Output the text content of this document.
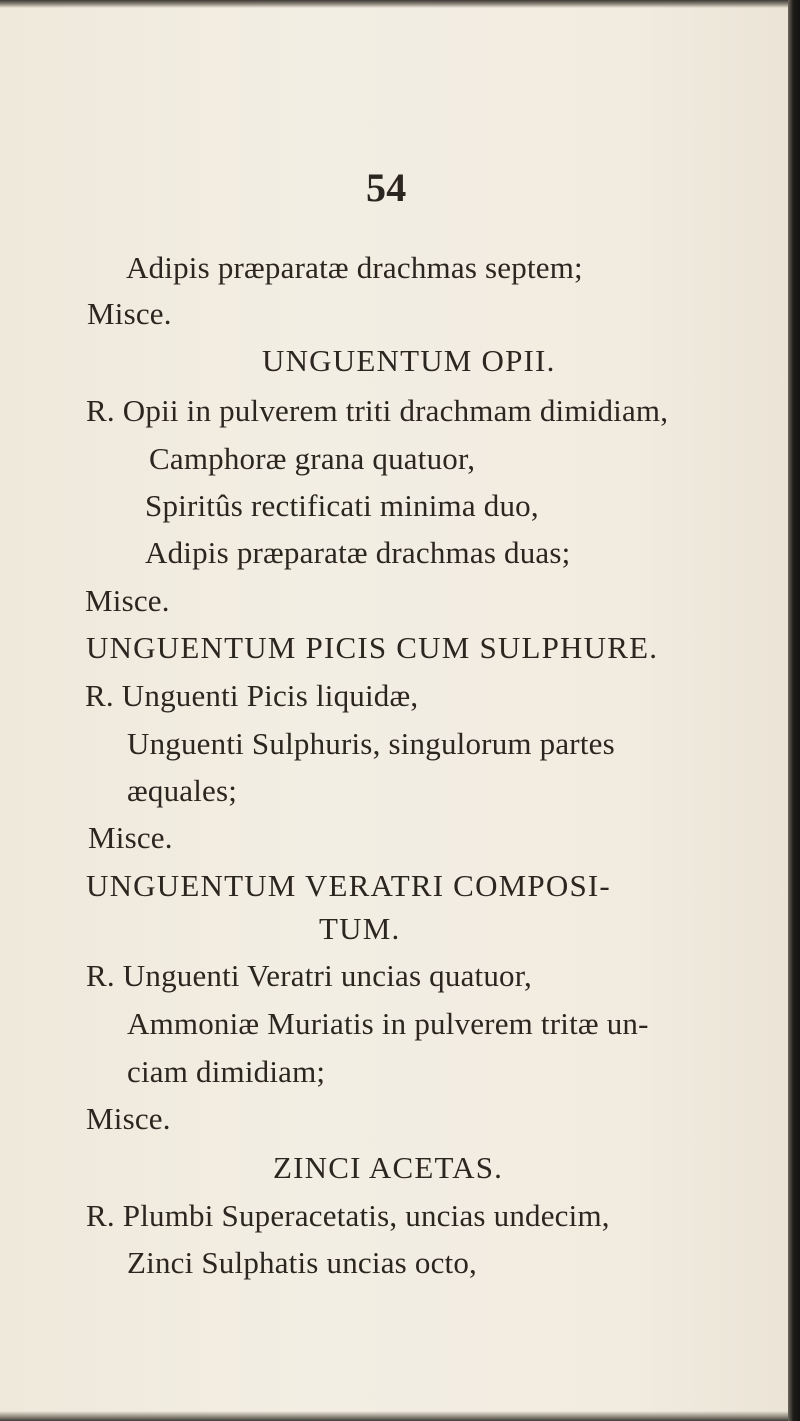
54
Adipis præparatæ drachmas septem;
Misce.
UNGUENTUM OPII.
R. Opii in pulverem triti drachmam dimidiam,
Camphoræ grana quatuor,
Spiritûs rectificati minima duo,
Adipis præparatæ drachmas duas;
Misce.
UNGUENTUM PICIS CUM SULPHURE.
R. Unguenti Picis liquidæ,
Unguenti Sulphuris, singulorum partes
æquales;
Misce.
UNGUENTUM VERATRI COMPOSI-
TUM.
R. Unguenti Veratri uncias quatuor,
Ammoniæ Muriatis in pulverem tritæ un-
ciam dimidiam;
Misce.
ZINCI ACETAS.
R. Plumbi Superacetatis, uncias undecim,
Zinci Sulphatis uncias octo,
